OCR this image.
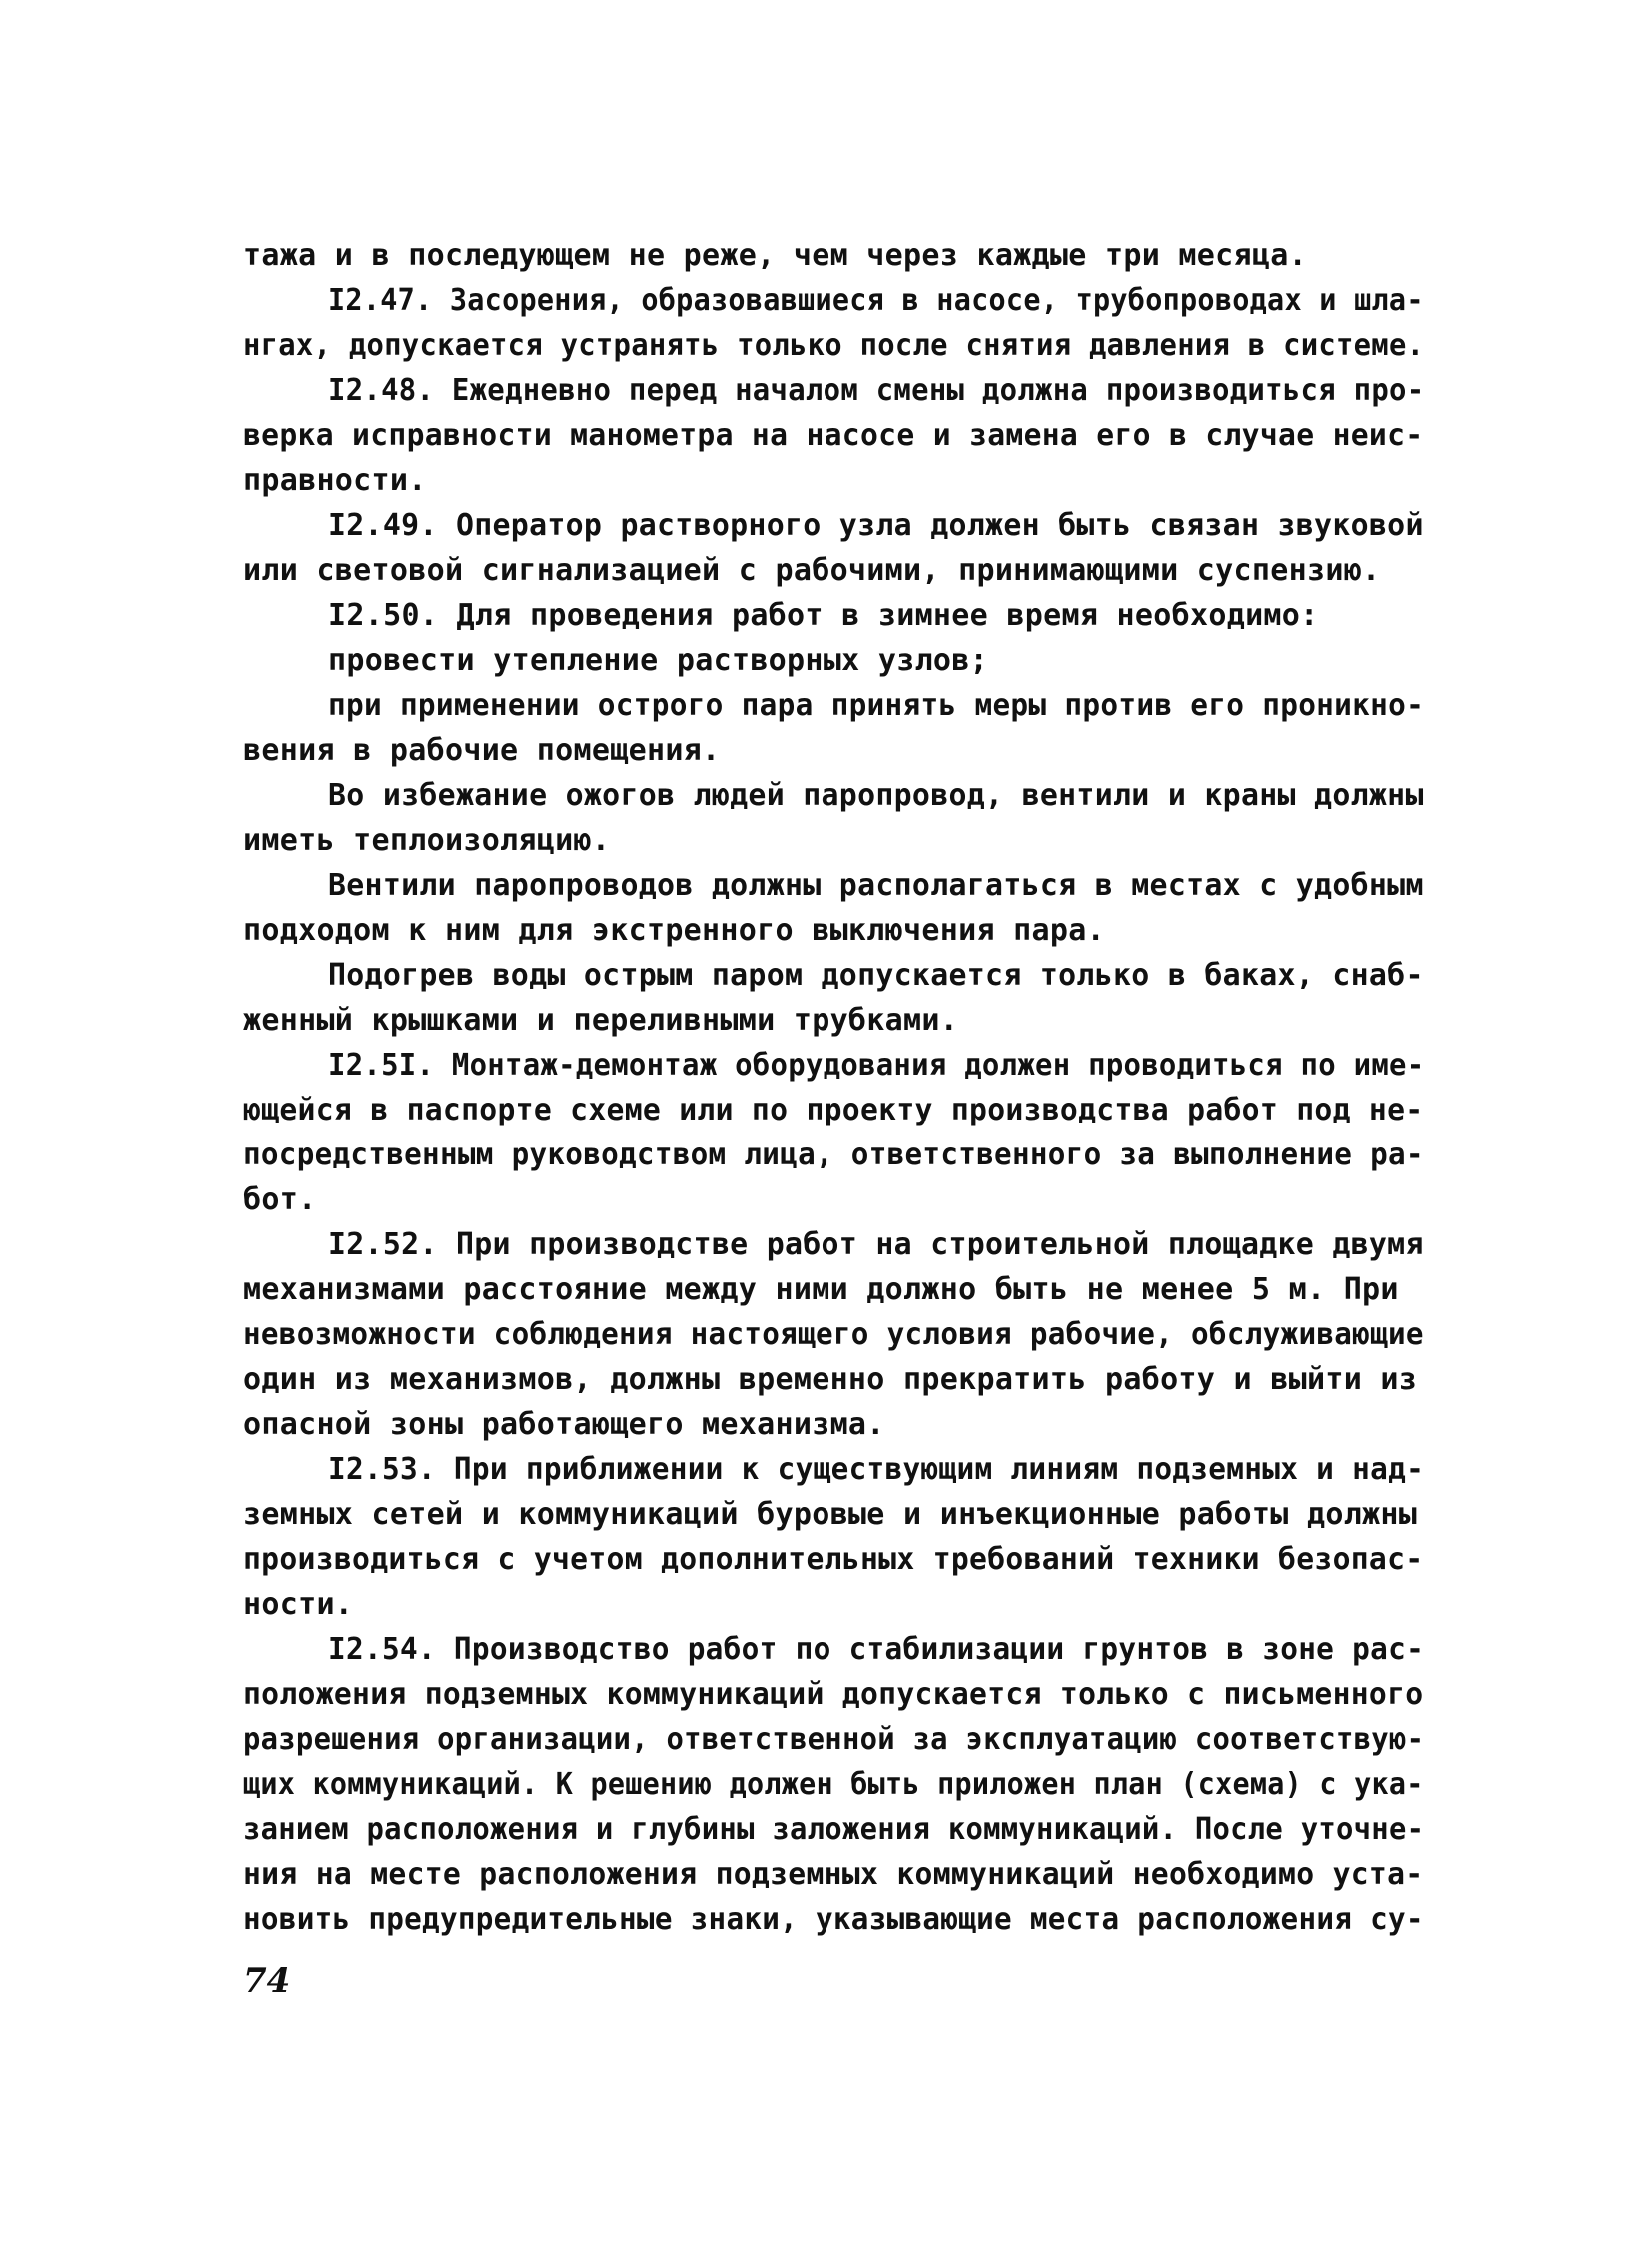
тажа и в последующем не реже, чем через каждые три месяца.
I2.47. Засорения, образовавшиеся в насосе, трубопроводах и шла-
нгах, допускается устранять только после снятия давления в системе.
I2.48. Ежедневно перед началом смены должна производиться про-
верка исправности манометра на насосе и замена его в случае неис-
правности.
I2.49. Оператор растворного узла должен быть связан звуковой
или световой сигнализацией с рабочими, принимающими суспензию.
I2.50. Для проведения работ в зимнее время необходимо:
провести утепление растворных узлов;
при применении острого пара принять меры против его проникно-
вения в рабочие помещения.
Во избежание ожогов людей паропровод, вентили и краны должны
иметь теплоизоляцию.
Вентили паропроводов должны располагаться в местах с удобным
подходом к ним для экстренного выключения пара.
Подогрев воды острым паром допускается только в баках, снаб-
женный крышками и переливными трубками.
I2.5I. Монтаж-демонтаж оборудования должен проводиться по име-
ющейся в паспорте схеме или по проекту производства работ под не-
посредственным руководством лица, ответственного за выполнение ра-
бот.
I2.52. При производстве работ на строительной площадке двумя
механизмами расстояние между ними должно быть не менее 5 м. При
невозможности соблюдения настоящего условия рабочие, обслуживающие
один из механизмов, должны временно прекратить работу и выйти из
опасной зоны работающего механизма.
I2.53. При приближении к существующим линиям подземных и над-
земных сетей и коммуникаций буровые и инъекционные работы должны
производиться с учетом дополнительных требований техники безопас-
ности.
I2.54. Производство работ по стабилизации грунтов в зоне рас-
положения подземных коммуникаций допускается только с письменного
разрешения организации, ответственной за эксплуатацию соответствую-
щих коммуникаций. К решению должен быть приложен план (схема) с ука-
занием расположения и глубины заложения коммуникаций. После уточне-
ния на месте расположения подземных коммуникаций необходимо уста-
новить предупредительные знаки, указывающие места расположения су-
74
